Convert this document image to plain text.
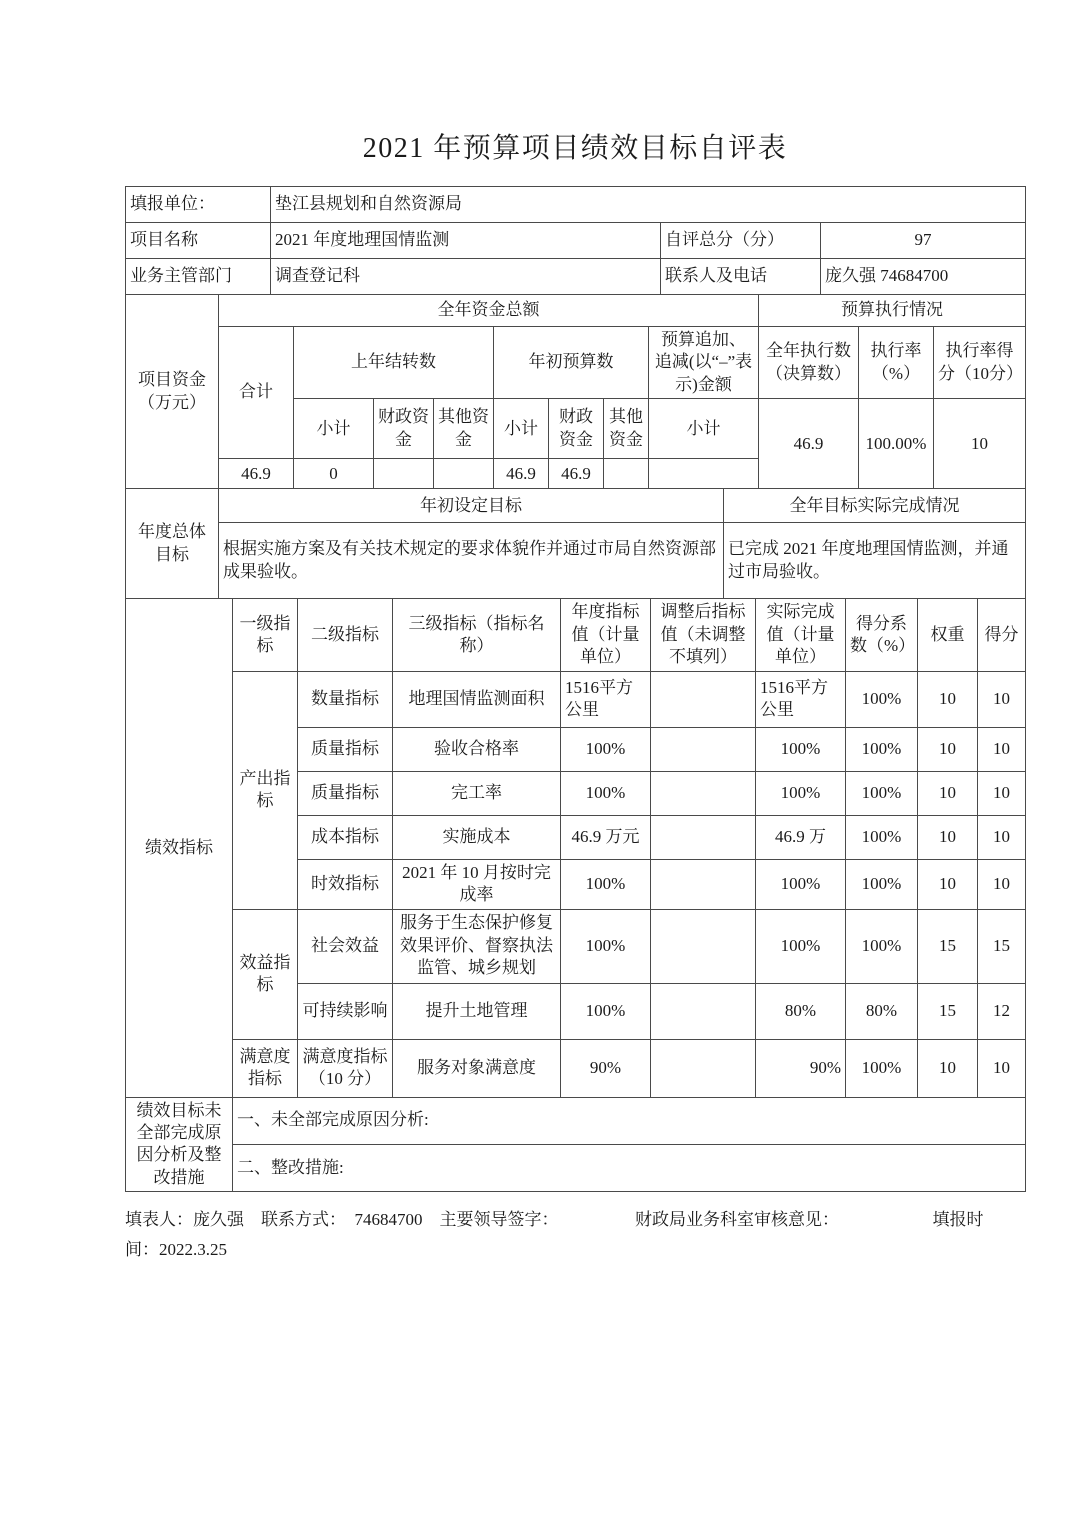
2021 年预算项目绩效目标自评表
填报单位：	垫江县规划和自然资源局		
项目名称	2021 年度地理国情监测	自评总分（分）	97
业务主管部门	调查登记科	联系人及电话	庞久强 74684700
项目资金（万元）	全年资金总额								预算执行情况		
	合计	上年结转数			年初预算数			预算追加、追减(以“–”表示)金额	全年执行数（决算数）	执行率（%）	执行率得分（10分）
		小计	财政资金	其他资金	小计	财政资金	其他资金	小计	46.9	100.00%	10
	46.9	0			46.9	46.9					
年度总体目标	年初设定目标	全年目标实际完成情况
	根据实施方案及有关技术规定的要求体貌作并通过市局自然资源部成果验收。	已完成 2021 年度地理国情监测，并通过市局验收。
绩效指标	一级指标	二级指标	三级指标（指标名称）	年度指标值（计量单位）	调整后指标值（未调整不填列）	实际完成值（计量单位）	得分系数（%）	权重	得分
	产出指标	数量指标	地理国情监测面积	1516平方公里		1516平方公里	100%	10	10
		质量指标	验收合格率	100%		100%	100%	10	10
		质量指标	完工率	100%		100%	100%	10	10
		成本指标	实施成本	46.9 万元		46.9 万	100%	10	10
		时效指标	2021 年 10 月按时完成率	100%		100%	100%	10	10
	效益指标	社会效益	服务于生态保护修复效果评价、督察执法监管、城乡规划	100%		100%	100%	15	15
		可持续影响	提升土地管理	100%		80%	80%	15	12
	满意度指标	满意度指标（10 分）	服务对象满意度	90%		90%	100%	10	10
绩效目标未全部完成原因分析及整改措施	一、未全部完成原因分析:
二、整改措施:
填表人：庞久强　联系方式：　74684700　主要领导签字：　　　　　财政局业务科室审核意见：　　　　　　填报时
间：2022.3.25
